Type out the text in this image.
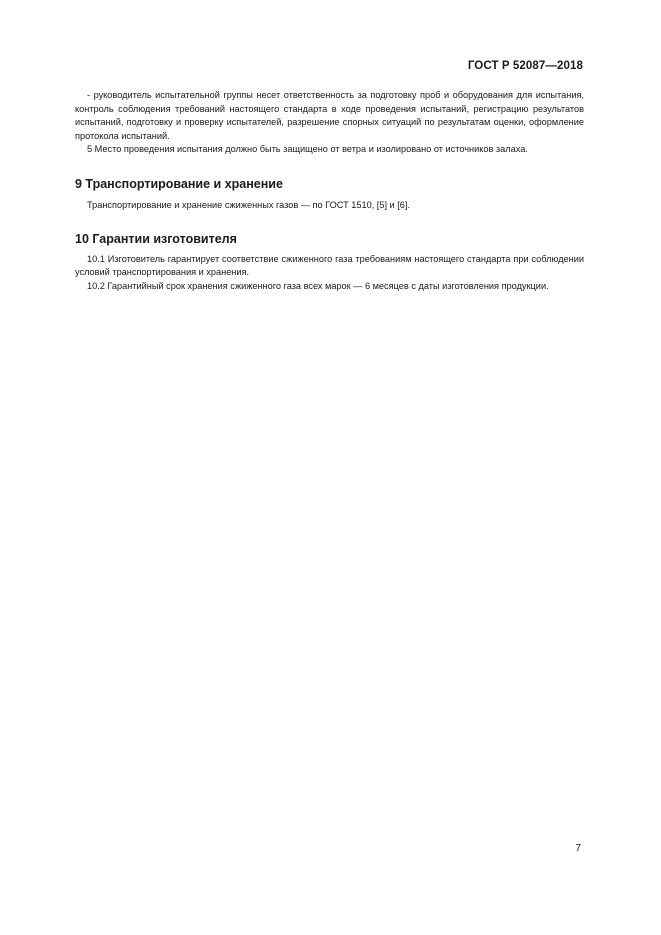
ГОСТ Р 52087—2018

- руководитель испытательной группы несет ответственность за подготовку проб и оборудования для испытания, контроль соблюдения требований настоящего стандарта в ходе проведения испытаний, регистрацию результатов испытаний, подготовку и проверку испытателей, разрешение спорных ситуаций по результатам оценки, оформление протокола испытаний.

5 Место проведения испытания должно быть защищено от ветра и изолировано от источников залаха.

9 Транспортирование и хранение

Транспортирование и хранение сжиженных газов — по ГОСТ 1510, [5] и [6].

10 Гарантии изготовителя

10.1 Изготовитель гарантирует соответствие сжиженного газа требованиям настоящего стандарта при соблюдении условий транспортирования и хранения.

10.2 Гарантийный срок хранения сжиженного газа всех марок — 6 месяцев с даты изготовления продукции.

7
